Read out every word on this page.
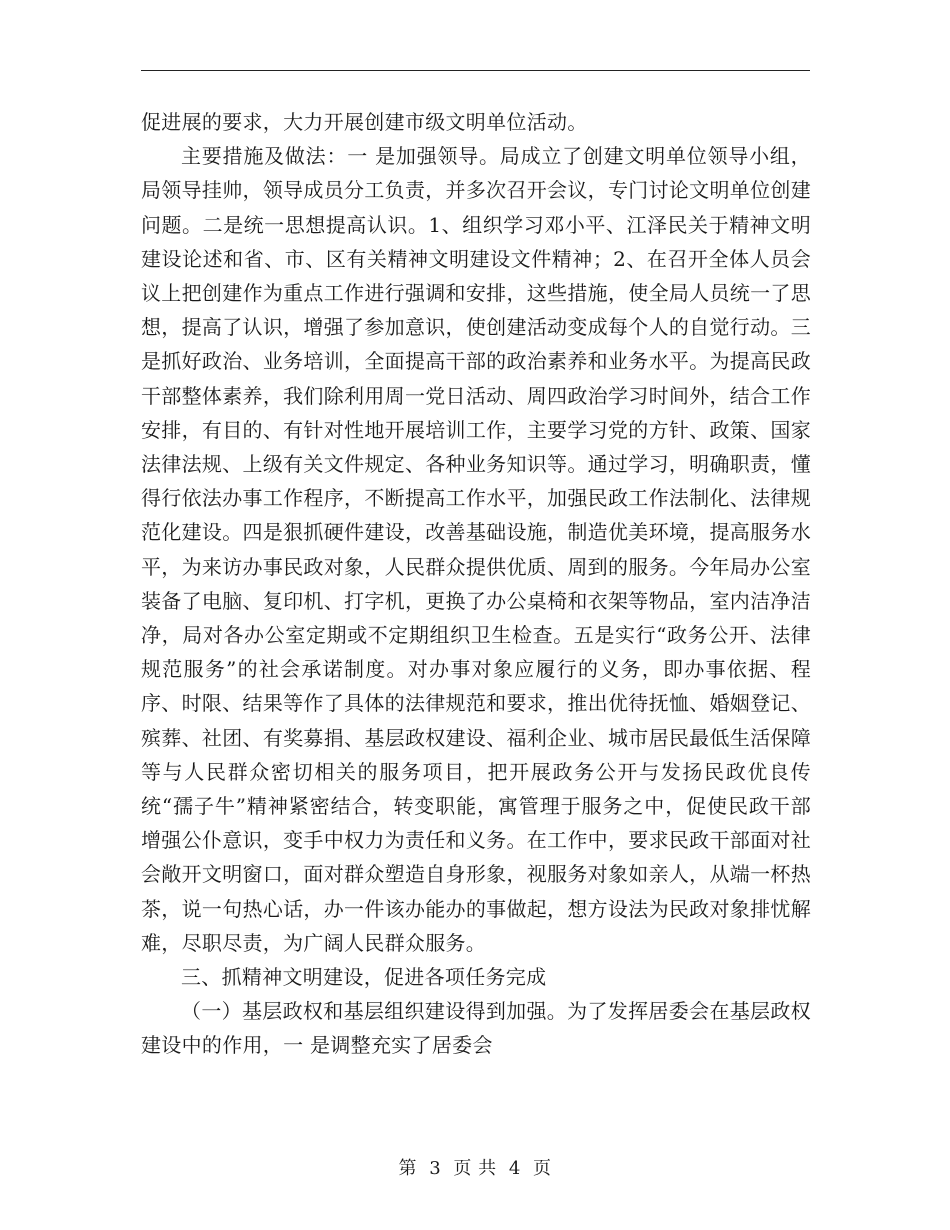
促进展的要求，大力开展创建市级文明单位活动。

主要措施及做法：一 是加强领导。局成立了创建文明单位领导小组，局领导挂帅，领导成员分工负责，并多次召开会议，专门讨论文明单位创建问题。二是统一思想提高认识。1、组织学习邓小平、江泽民关于精神文明建设论述和省、市、区有关精神文明建设文件精神；2、在召开全体人员会议上把创建作为重点工作进行强调和安排，这些措施，使全局人员统一了思想，提高了认识，增强了参加意识，使创建活动变成每个人的自觉行动。三是抓好政治、业务培训，全面提高干部的政治素养和业务水平。为提高民政干部整体素养，我们除利用周一党日活动、周四政治学习时间外，结合工作安排，有目的、有针对性地开展培训工作，主要学习党的方针、政策、国家法律法规、上级有关文件规定、各种业务知识等。通过学习，明确职责，懂得行依法办事工作程序，不断提高工作水平，加强民政工作法制化、法律规范化建设。四是狠抓硬件建设，改善基础设施，制造优美环境，提高服务水平，为来访办事民政对象，人民群众提供优质、周到的服务。今年局办公室装备了电脑、复印机、打字机，更换了办公桌椅和衣架等物品，室内洁净洁净，局对各办公室定期或不定期组织卫生检查。五是实行“政务公开、法律规范服务”的社会承诺制度。对办事对象应履行的义务，即办事依据、程序、时限、结果等作了具体的法律规范和要求，推出优待抚恤、婚姻登记、殡葬、社团、有奖募捐、基层政权建设、福利企业、城市居民最低生活保障等与人民群众密切相关的服务项目，把开展政务公开与发扬民政优良传统“孺子牛”精神紧密结合，转变职能，寓管理于服务之中，促使民政干部增强公仆意识，变手中权力为责任和义务。在工作中，要求民政干部面对社会敞开文明窗口，面对群众塑造自身形象，视服务对象如亲人，从端一杯热茶，说一句热心话，办一件该办能办的事做起，想方设法为民政对象排忧解难，尽职尽责，为广阔人民群众服务。

三、抓精神文明建设，促进各项任务完成

（一）基层政权和基层组织建设得到加强。为了发挥居委会在基层政权建设中的作用，一 是调整充实了居委会

第 3 页 共 4 页
